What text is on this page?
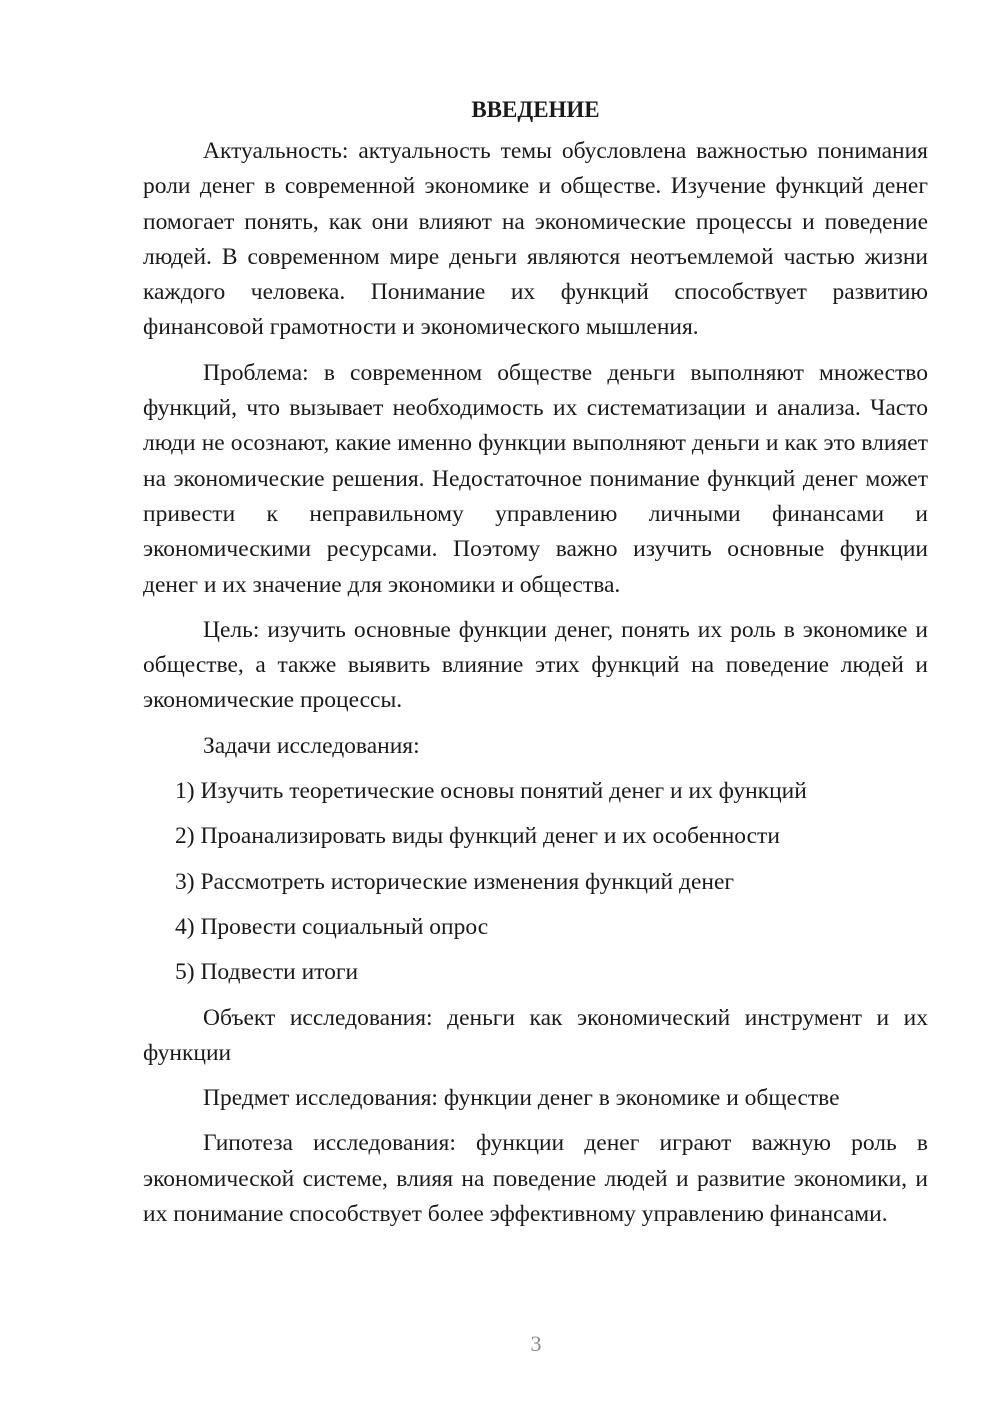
ВВЕДЕНИЕ

Актуальность: актуальность темы обусловлена важностью понимания роли денег в современной экономике и обществе. Изучение функций денег помогает понять, как они влияют на экономические процессы и поведение людей. В современном мире деньги являются неотъемлемой частью жизни каждого человека. Понимание их функций способствует развитию финансовой грамотности и экономического мышления.

Проблема: в современном обществе деньги выполняют множество функций, что вызывает необходимость их систематизации и анализа. Часто люди не осознают, какие именно функции выполняют деньги и как это влияет на экономические решения. Недостаточное понимание функций денег может привести к неправильному управлению личными финансами и экономическими ресурсами. Поэтому важно изучить основные функции денег и их значение для экономики и общества.

Цель: изучить основные функции денег, понять их роль в экономике и обществе, а также выявить влияние этих функций на поведение людей и экономические процессы.

Задачи исследования:
1) Изучить теоретические основы понятий денег и их функций
2) Проанализировать виды функций денег и их особенности
3) Рассмотреть исторические изменения функций денег
4) Провести социальный опрос
5) Подвести итоги

Объект исследования: деньги как экономический инструмент и их функции

Предмет исследования: функции денег в экономике и обществе

Гипотеза исследования: функции денег играют важную роль в экономической системе, влияя на поведение людей и развитие экономики, и их понимание способствует более эффективному управлению финансами.

3
